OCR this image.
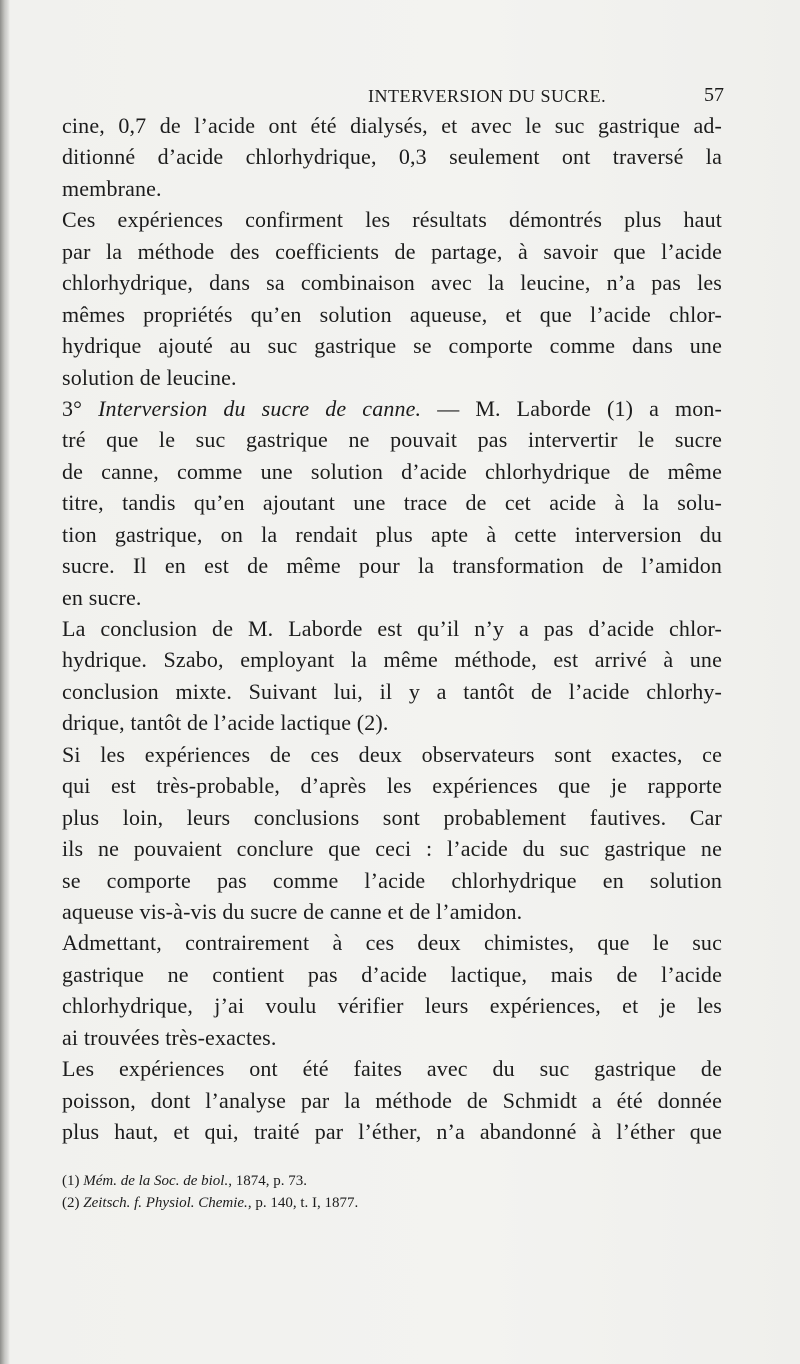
INTERVERSION DU SUCRE.	57
cine, 0,7 de l’acide ont été dialysés, et avec le suc gastrique ad-
ditionné d’acide chlorhydrique, 0,3 seulement ont traversé la
membrane.
Ces expériences confirment les résultats démontrés plus haut
par la méthode des coefficients de partage, à savoir que l’acide
chlorhydrique, dans sa combinaison avec la leucine, n’a pas les
mêmes propriétés qu’en solution aqueuse, et que l’acide chlor-
hydrique ajouté au suc gastrique se comporte comme dans une
solution de leucine.
3° Interversion du sucre de canne. — M. Laborde (1) a mon-
tré que le suc gastrique ne pouvait pas intervertir le sucre
de canne, comme une solution d’acide chlorhydrique de même
titre, tandis qu’en ajoutant une trace de cet acide à la solu-
tion gastrique, on la rendait plus apte à cette interversion du
sucre. Il en est de même pour la transformation de l’amidon
en sucre.
La conclusion de M. Laborde est qu’il n’y a pas d’acide chlor-
hydrique. Szabo, employant la même méthode, est arrivé à une
conclusion mixte. Suivant lui, il y a tantôt de l’acide chlorhy-
drique, tantôt de l’acide lactique (2).
Si les expériences de ces deux observateurs sont exactes, ce
qui est très-probable, d’après les expériences que je rapporte
plus loin, leurs conclusions sont probablement fautives. Car
ils ne pouvaient conclure que ceci : l’acide du suc gastrique ne
se comporte pas comme l’acide chlorhydrique en solution
aqueuse vis-à-vis du sucre de canne et de l’amidon.
Admettant, contrairement à ces deux chimistes, que le suc
gastrique ne contient pas d’acide lactique, mais de l’acide
chlorhydrique, j’ai voulu vérifier leurs expériences, et je les
ai trouvées très-exactes.
Les expériences ont été faites avec du suc gastrique de
poisson, dont l’analyse par la méthode de Schmidt a été donnée
plus haut, et qui, traité par l’éther, n’a abandonné à l’éther que
(1) Mém. de la Soc. de biol., 1874, p. 73.
(2) Zeitsch. f. Physiol. Chemie., p. 140, t. I, 1877.
